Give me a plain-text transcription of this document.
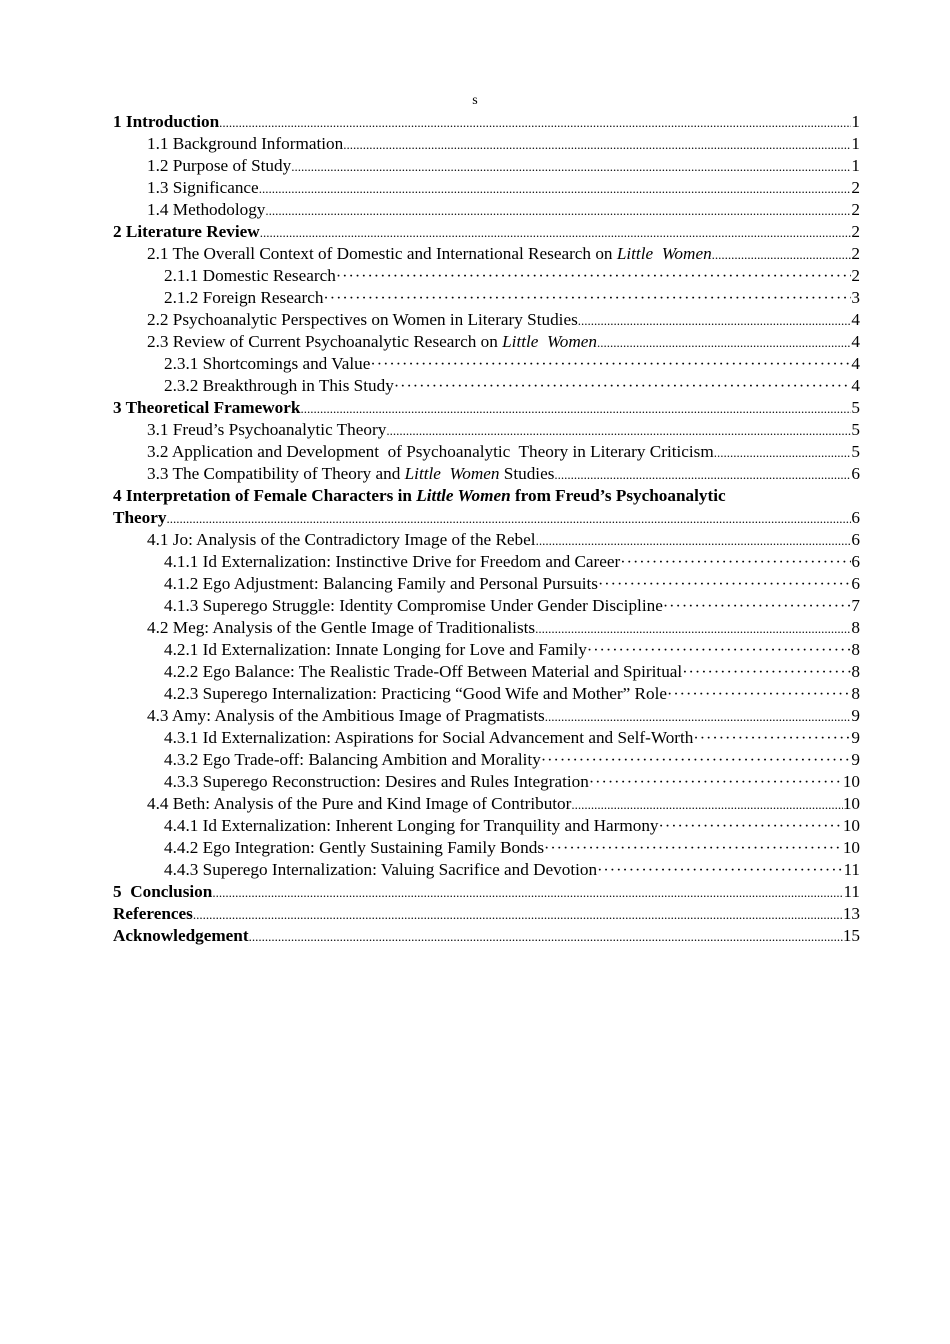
s
1 Introduction .....	1
1.1 Background Information .....	1
1.2 Purpose of Study .....	1
1.3 Significance .....	2
1.4 Methodology .....	2
2 Literature Review .....	2
2.1 The Overall Context of Domestic and International Research on Little  Women .....	2
2.1.1 Domestic Research ·····	2
2.1.2 Foreign Research ·····	3
2.2 Psychoanalytic Perspectives on Women in Literary Studies .....	4
2.3 Review of Current Psychoanalytic Research on Little  Women .....	4
2.3.1 Shortcomings and Value ·····	4
2.3.2 Breakthrough in This Study ·····	4
3 Theoretical Framework .....	5
3.1 Freud’s Psychoanalytic Theory .....	5
3.2 Application and Development  of Psychoanalytic  Theory in Literary Criticism .....	5
3.3 The Compatibility of Theory and Little  Women Studies .....	6
4 Interpretation of Female Characters in Little Women from Freud’s Psychoanalytic
Theory .....	6
4.1 Jo: Analysis of the Contradictory Image of the Rebel .....	6
4.1.1 Id Externalization: Instinctive Drive for Freedom and Career ·····	6
4.1.2 Ego Adjustment: Balancing Family and Personal Pursuits ·····	6
4.1.3 Superego Struggle: Identity Compromise Under Gender Discipline ·····	7
4.2 Meg: Analysis of the Gentle Image of Traditionalists .....	8
4.2.1 Id Externalization: Innate Longing for Love and Family ·····	8
4.2.2 Ego Balance: The Realistic Trade-Off Between Material and Spiritual ·····	8
4.2.3 Superego Internalization: Practicing “Good Wife and Mother” Role ·····	8
4.3 Amy: Analysis of the Ambitious Image of Pragmatists .....	9
4.3.1 Id Externalization: Aspirations for Social Advancement and Self-Worth ·····	9
4.3.2 Ego Trade-off: Balancing Ambition and Morality ·····	9
4.3.3 Superego Reconstruction: Desires and Rules Integration ·····	10
4.4 Beth: Analysis of the Pure and Kind Image of Contributor .....	10
4.4.1 Id Externalization: Inherent Longing for Tranquility and Harmony ·····	10
4.4.2 Ego Integration: Gently Sustaining Family Bonds ·····	10
4.4.3 Superego Internalization: Valuing Sacrifice and Devotion ·····	11
5  Conclusion .....	11
References .....	13
Acknowledgement .....	15
